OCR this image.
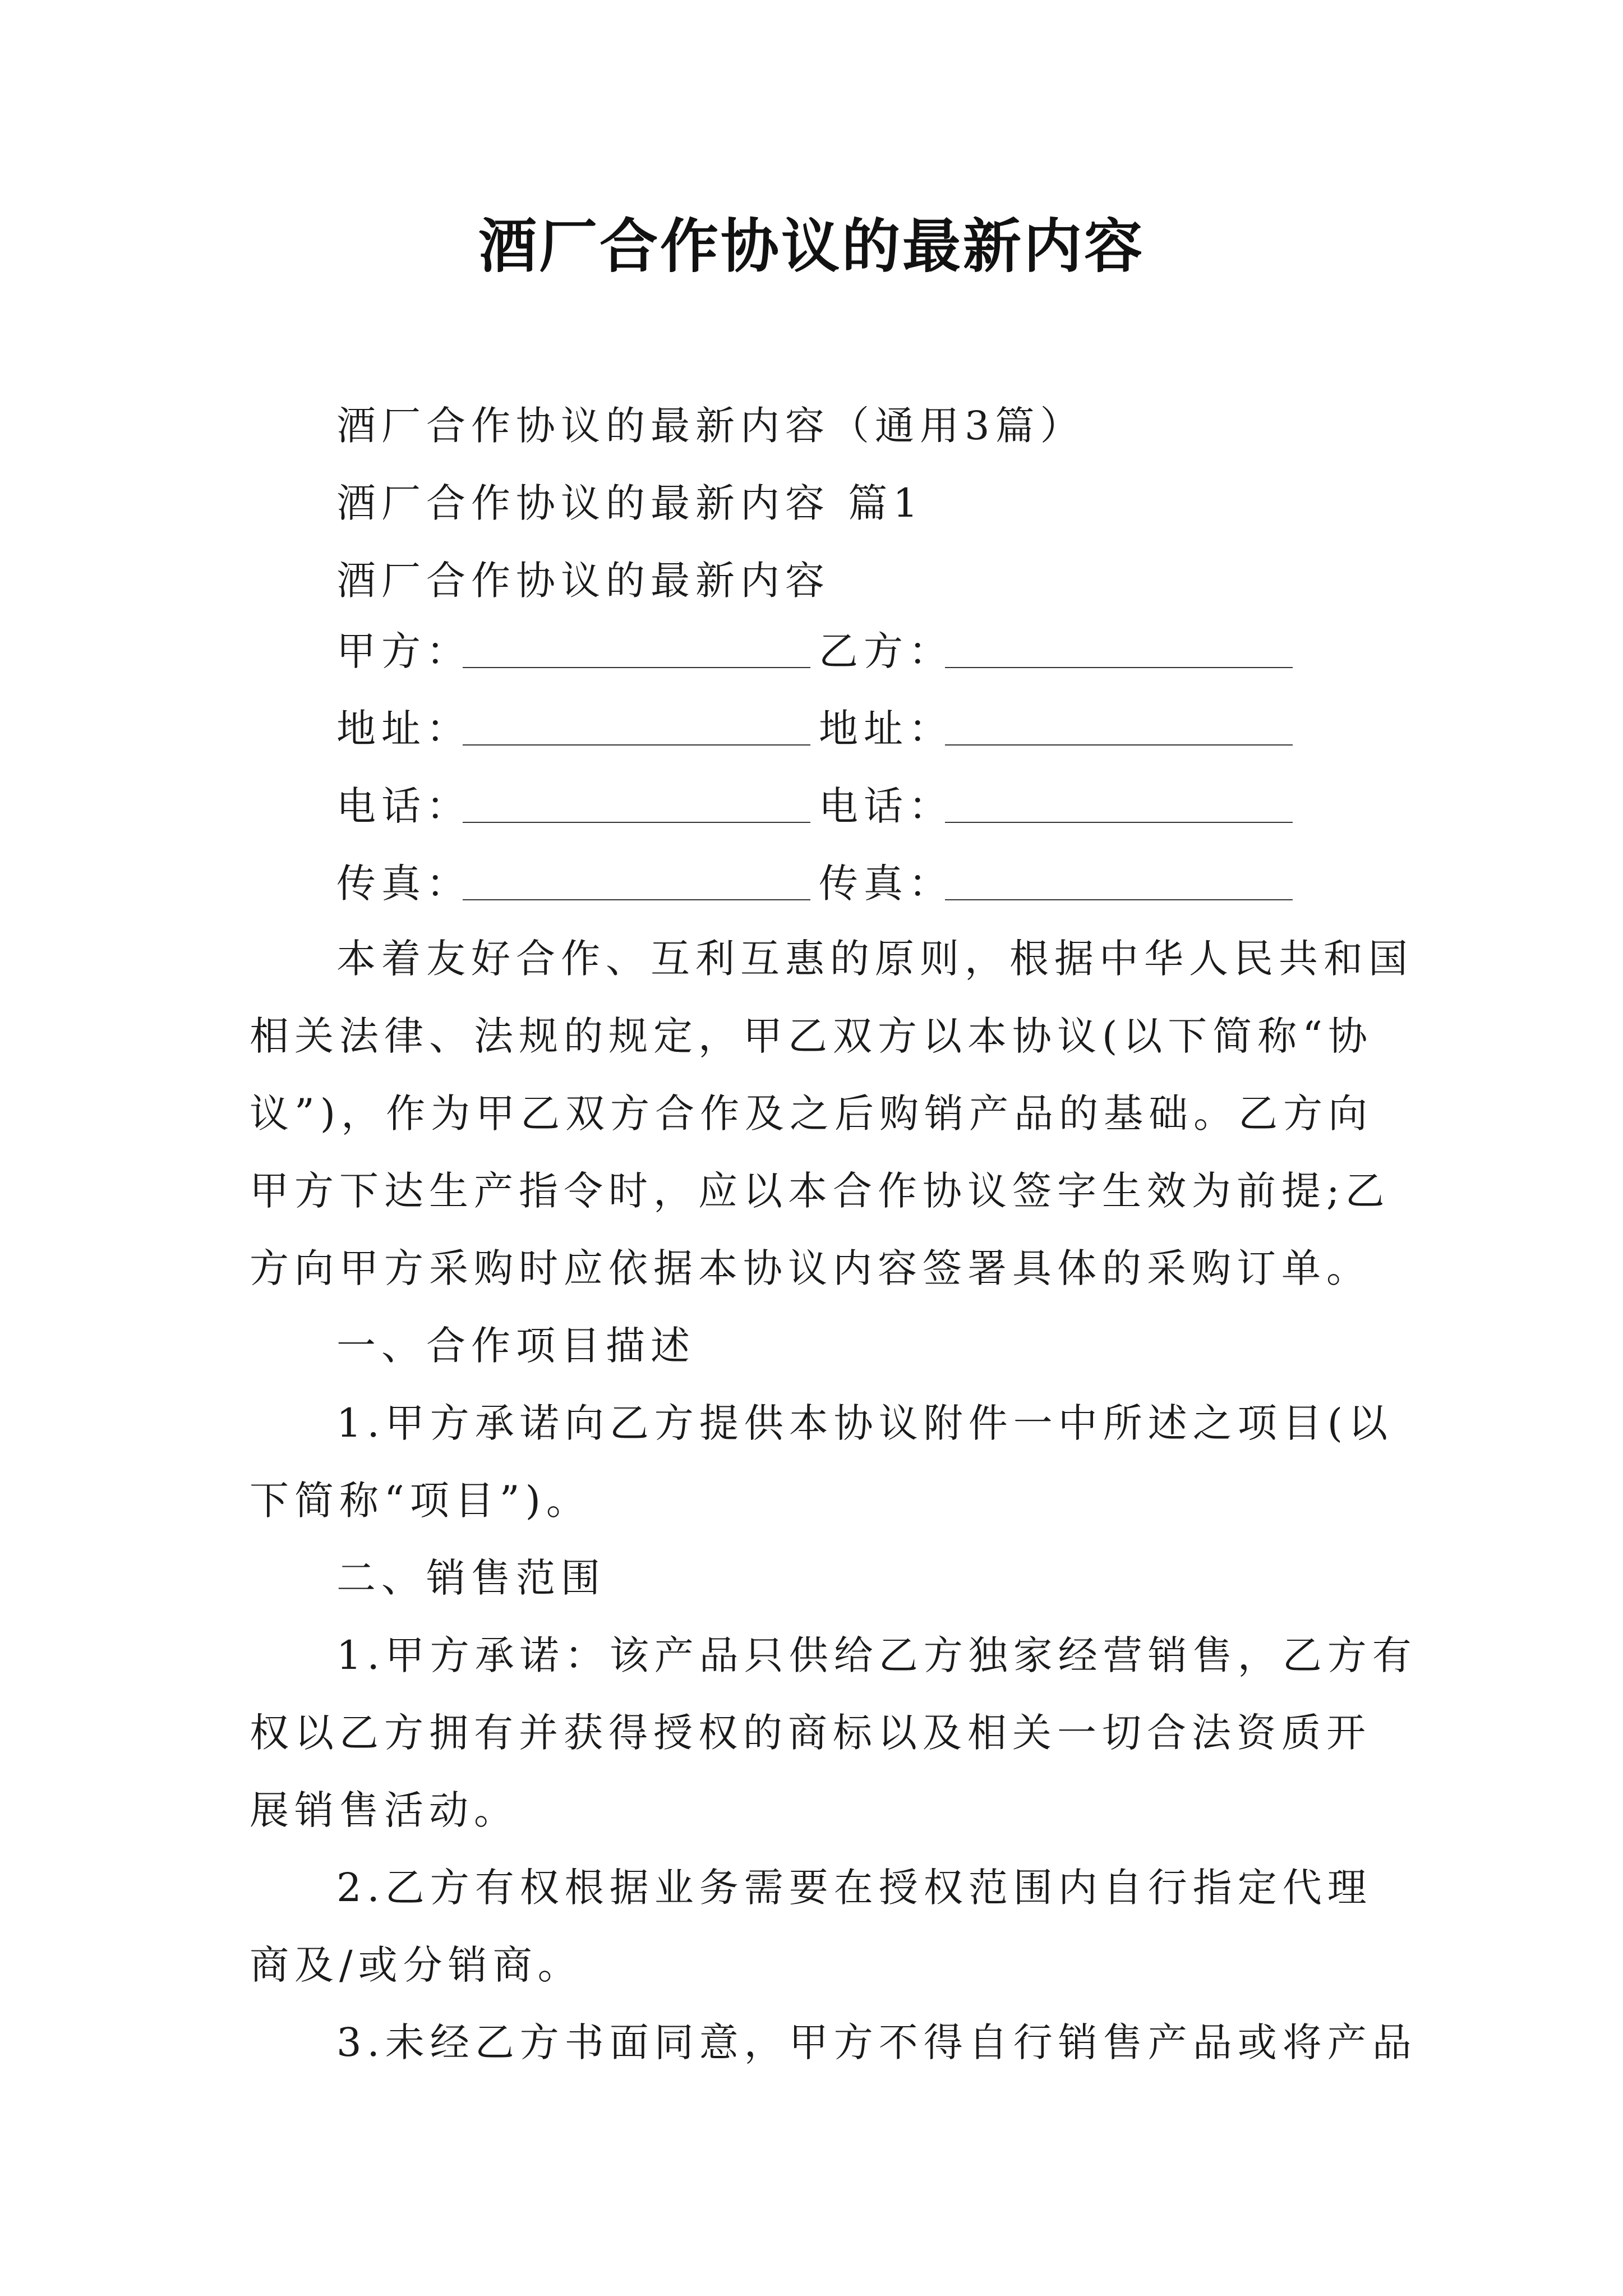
酒厂合作协议的最新内容
酒厂合作协议的最新内容（通用3篇）
酒厂合作协议的最新内容 篇1
酒厂合作协议的最新内容
甲方：	乙方：
地址：	地址：
电话：	电话：
传真：	传真：
本着友好合作、互利互惠的原则，根据中华人民共和国
相关法律、法规的规定，甲乙双方以本协议(以下简称“协
议”)，作为甲乙双方合作及之后购销产品的基础。乙方向
甲方下达生产指令时，应以本合作协议签字生效为前提;乙
方向甲方采购时应依据本协议内容签署具体的采购订单。
一、合作项目描述
1.甲方承诺向乙方提供本协议附件一中所述之项目(以
下简称“项目”)。
二、销售范围
1.甲方承诺：该产品只供给乙方独家经营销售，乙方有
权以乙方拥有并获得授权的商标以及相关一切合法资质开
展销售活动。
2.乙方有权根据业务需要在授权范围内自行指定代理
商及/或分销商。
3.未经乙方书面同意，甲方不得自行销售产品或将产品
